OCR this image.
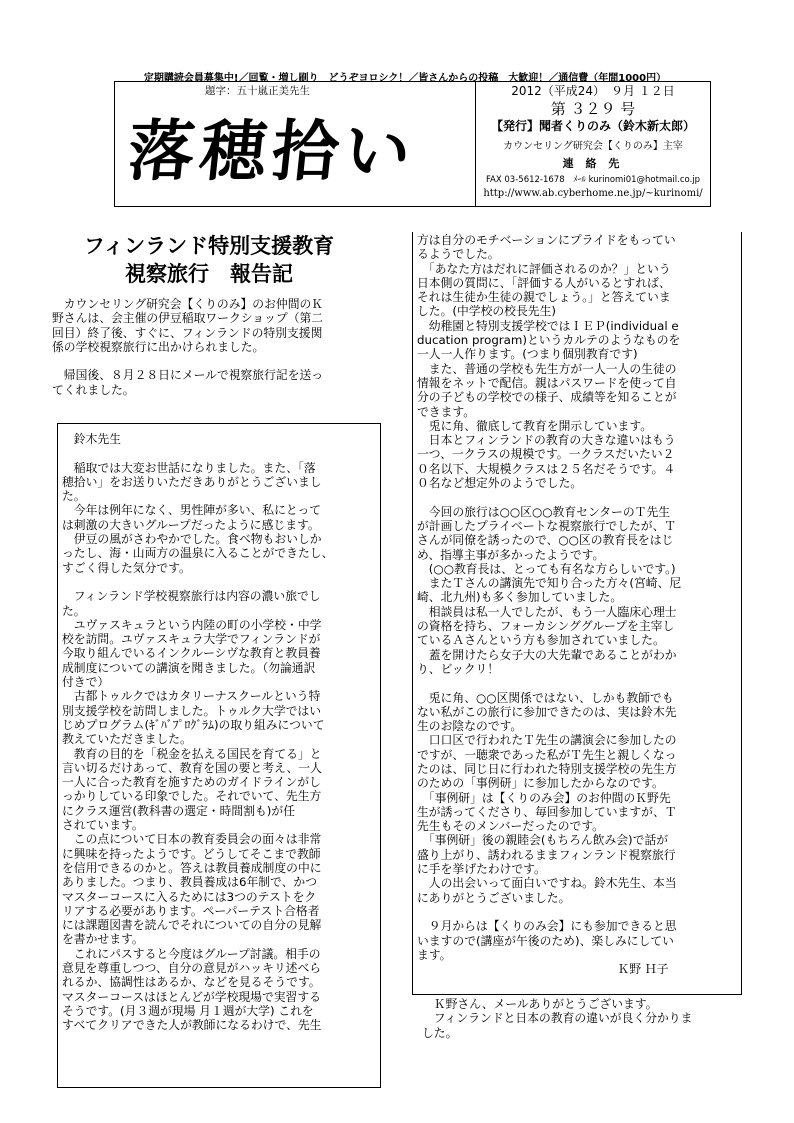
定期購読会員募集中!／回覧・増し刷り　どうぞヨロシク！／皆さんからの投稿　大歓迎！／通信費（年間1000円）
題字：五十嵐正美先生
落穂拾い
2012（平成24）　９月 １２日
第 ３２９ 号
【発行】聞者くりのみ（鈴木新太郎）
カウンセリング研究会【くりのみ】主宰
連 絡 先
FAX 03-5612-1678　ﾒｰﾙ kurinomi01@hotmail.co.jp
http://www.ab.cyberhome.ne.jp/~kurinomi/
フィンランド特別支援教育
視察旅行　報告記
　カウンセリング研究会【くりのみ】のお仲間のＫ
野さんは、会主催の伊豆稲取ワークショップ（第二
回目）終了後、すぐに、フィンランドの特別支援関
係の学校視察旅行に出かけられました。

　帰国後、８月２８日にメールで視察旅行記を送っ
てくれました。
　鈴木先生

　稲取では大変お世話になりました。また、「落
穂拾い」をお送りいただきありがとうございまし
た。
　今年は例年になく、男性陣が多い、私にとって
は刺激の大きいグループだったように感じます。
　伊豆の風がさわやかでした。食べ物もおいしか
ったし、海・山両方の温泉に入ることができたし、
すごく得した気分です。

　フィンランド学校視察旅行は内容の濃い旅でし
た。
　ユヴァスキュラという内陸の町の小学校・中学
校を訪問。ユヴァスキュラ大学でフィンランドが
今取り組んでいるインクルーシヴな教育と教員養
成制度についての講演を聞きました。（勿論通訳
付きで）
　古都トゥルクではカタリーナスクールという特
別支援学校を訪問しました。トゥルク大学ではい
じめプログラム(ｷﾞﾊﾞﾌﾟﾛｸﾞﾗﾑ)の取り組みについて
教えていただきました。
　教育の目的を「税金を払える国民を育てる」と
言い切るだけあって、教育を国の要と考え、一人
一人に合った教育を施すためのガイドラインがし
っかりしている印象でした。それでいて、先生方
にクラス運営(教科書の選定・時間割も)が任
されています。
　この点について日本の教育委員会の面々は非常
に興味を持ったようです。どうしてそこまで教師
を信用できるのかと。答えは教員養成制度の中に
ありました。つまり、教員養成は6年制で、かつ
マスターコースに入るためには3つのテストをク
リアする必要があります。ペーパーテスト合格者
には課題図書を読んでそれについての自分の見解
を書かせます。
　これにパスすると今度はグループ討議。相手の
意見を尊重しつつ、自分の意見がハッキリ述べら
れるか、協調性はあるか、などを見るそうです。
マスターコースはほとんどが学校現場で実習する
そうです。(月３週が現場 月１週が大学) これを
すべてクリアできた人が教師になるわけで、先生
方は自分のモチベーションにプライドをもってい
るようでした。
　「あなた方はだれに評価されるのか？」という
日本側の質問に、「評価する人がいるとすれば、
それは生徒か生徒の親でしょう。」と答えていま
した。(中学校の校長先生)
　幼稚園と特別支援学校ではＩＥＰ(individual e
ducation program)というカルテのようなものを
一人一人作ります。(つまり個別教育です)
　また、普通の学校も先生方が一人一人の生徒の
情報をネットで配信。親はパスワードを使って自
分の子どもの学校での様子、成績等を知ることが
できます。
　兎に角、徹底して教育を開示しています。
　日本とフィンランドの教育の大きな違いはもう
一つ、一クラスの規模です。一クラスだいたい２
０名以下、大規模クラスは２５名だそうです。４
０名など想定外のようでした。

　今回の旅行は○○区○○教育センターのＴ先生
が計画したプライベートな視察旅行でしたが、Ｔ
さんが同僚を誘ったので、○○区の教育長をはじ
め、指導主事が多かったようです。
　(○○教育長は、とっても有名な方らしいです。)
　またＴさんの講演先で知り合った方々(宮崎、尼
崎、北九州)も多く参加していました。
　相談員は私一人でしたが、もう一人臨床心理士
の資格を持ち、フォーカシンググループを主宰し
ているＡさんという方も参加されていました。
　蓋を開けたら女子大の大先輩であることがわか
り、ビックリ！

　兎に角、○○区関係ではない、しかも教師でも
ない私がこの旅行に参加できたのは、実は鈴木先
生のお陰なのです。
　口口区で行われたＴ先生の講演会に参加したの
ですが、一聴衆であった私がＴ先生と親しくなっ
たのは、同じ日に行われた特別支援学校の先生方
のための「事例研」に参加したからなのです。
　「事例研」は【くりのみ会】のお仲間のＫ野先
生が誘ってくださり、毎回参加していますが、Ｔ
先生もそのメンバーだったのです。
　「事例研」後の親睦会(もちろん飲み会)で話が
盛り上がり、誘われるままフィンランド視察旅行
に手を挙げたわけです。
　人の出会いって面白いですね。鈴木先生、本当
にありがとうございました。

　９月からは【くりのみ会】にも参加できると思
いますので(講座が午後のため)、楽しみにしてい
ます。
　　　　　　　　　　　　　　　　　Ｋ野 Ｈ子
　Ｋ野さん、メールありがとうございます。
　フィンランドと日本の教育の違いが良く分かりま
した。
